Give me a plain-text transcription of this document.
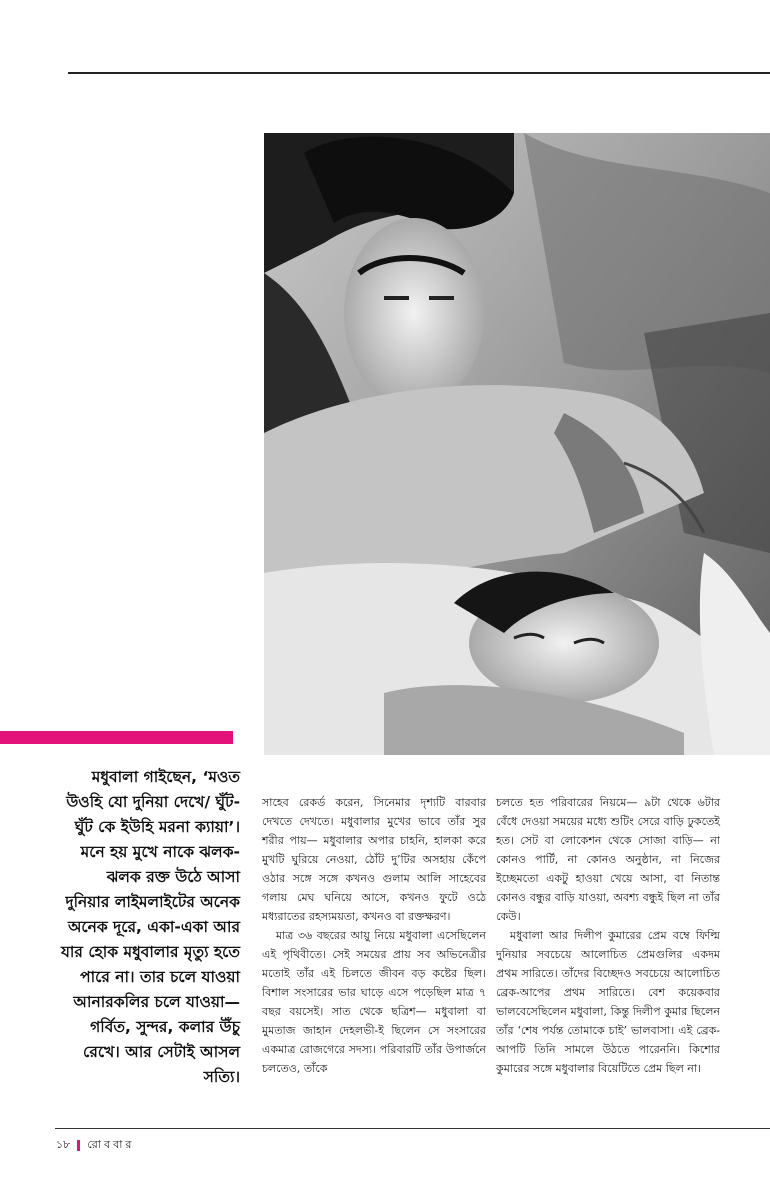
মধুবালা গাইছেন, ‘মওত উওহি যো দুনিয়া দেখে/ ঘুঁট-ঘুঁট কে ইউহি মরনা ক্যায়া’। মনে হয় মুখে নাকে ঝলক-ঝলক রক্ত উঠে আসা দুনিয়ার লাইমলাইটের অনেক অনেক দূরে, একা-একা আর যার হোক মধুবালার মৃত্যু হতে পারে না। তার চলে যাওয়া আনারকলির চলে যাওয়া— গর্বিত, সুন্দর, কলার উঁচু রেখে। আর সেটাই আসল সত্যি।

সাহেব রেকর্ড করেন, সিনেমার দৃশ্যটি বারবার দেখতে দেখতে। মধুবালার মুখের ভাবে তাঁর সুর শরীর পায়— মধুবালার অপার চাহনি, হালকা করে মুখটি ঘুরিয়ে নেওয়া, ঠোঁট দু’টির অসহায় কেঁপে ওঠার সঙ্গে সঙ্গে কখনও গুলাম আলি সাহেবের গলায় মেঘ ঘনিয়ে আসে, কখনও ফুটে ওঠে মধ্যরাতের রহস্যময়তা, কখনও বা রক্তক্ষরণ।

মাত্র ৩৬ বছরের আয়ু নিয়ে মধুবালা এসেছিলেন এই পৃথিবীতে। সেই সময়ের প্রায় সব অভিনেত্রীর মতোই তাঁর এই চিলতে জীবন বড় কষ্টের ছিল। বিশাল সংসারের ভার ঘাড়ে এসে পড়েছিল মাত্র ৭ বছর বয়সেই। সাত থেকে ছত্রিশ— মধুবালা বা মুমতাজ জাহান দেহলভী-ই ছিলেন সে সংসারের একমাত্র রোজগেরে সদস্য। পরিবারটি তাঁর উপার্জনে চলতেও, তাঁকে

চলতে হত পরিবারের নিয়মে— ৯টা থেকে ৬টার বেঁধে দেওয়া সময়ের মধ্যে শুটিং সেরে বাড়ি ঢুকতেই হত। সেট বা লোকেশন থেকে সোজা বাড়ি— না কোনও পার্টি, না কোনও অনুষ্ঠান, না নিজের ইচ্ছেমতো একটু হাওয়া খেয়ে আসা, বা নিতান্ত কোনও বন্ধুর বাড়ি যাওয়া, অবশ্য বন্ধুই ছিল না তাঁর কেউ।

মধুবালা আর দিলীপ কুমারের প্রেম বম্বে ফিল্মি দুনিয়ার সবচেয়ে আলোচিত প্রেমগুলির একদম প্রথম সারিতে। তাঁদের বিচ্ছেদও সবচেয়ে আলোচিত ব্রেক-আপের প্রথম সারিতে। বেশ কয়েকবার ভালবেসেছিলেন মধুবালা, কিন্তু দিলীপ কুমার ছিলেন তাঁর ‘শেষ পর্যন্ত তোমাকে চাই’ ভালবাসা। এই ব্রেক-আপটি তিনি সামলে উঠতে পারেননি। কিশোর কুমারের সঙ্গে মধুবালার বিয়েটিতে প্রেম ছিল না।

১৮ রোববার
